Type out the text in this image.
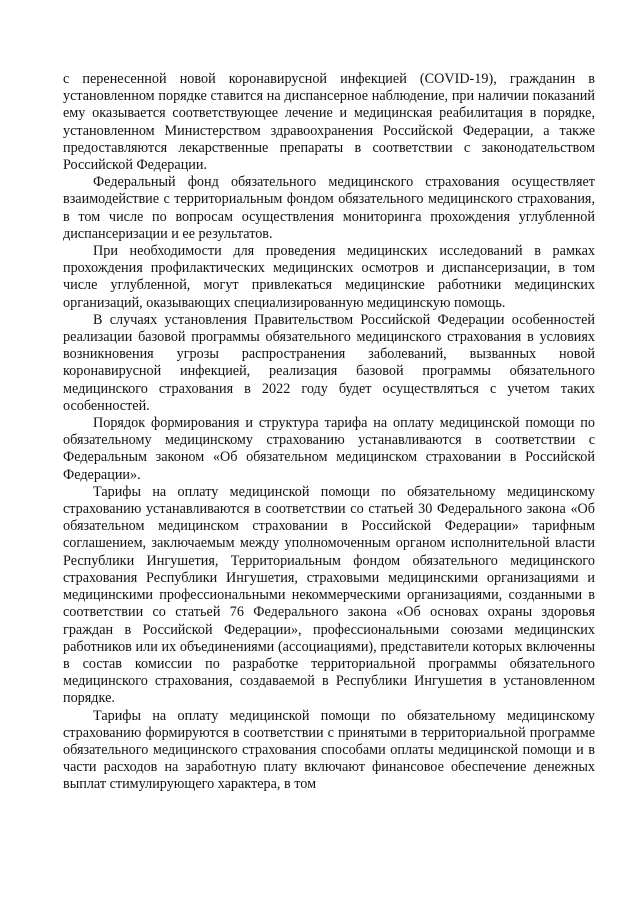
с перенесенной новой коронавирусной инфекцией (COVID-19), гражданин в установленном порядке ставится на диспансерное наблюдение, при наличии показаний ему оказывается соответствующее лечение и медицинская реабилитация в порядке, установленном Министерством здравоохранения Российской Федерации, а также предоставляются лекарственные препараты в соответствии с законодательством Российской Федерации.

Федеральный фонд обязательного медицинского страхования осуществляет взаимодействие с территориальным фондом обязательного медицинского страхования, в том числе по вопросам осуществления мониторинга прохождения углубленной диспансеризации и ее результатов.

При необходимости для проведения медицинских исследований в рамках прохождения профилактических медицинских осмотров и диспансеризации, в том числе углубленной, могут привлекаться медицинские работники медицинских организаций, оказывающих специализированную медицинскую помощь.

В случаях установления Правительством Российской Федерации особенностей реализации базовой программы обязательного медицинского страхования в условиях возникновения угрозы распространения заболеваний, вызванных новой коронавирусной инфекцией, реализация базовой программы обязательного медицинского страхования в 2022 году будет осуществляться с учетом таких особенностей.

Порядок формирования и структура тарифа на оплату медицинской помощи по обязательному медицинскому страхованию устанавливаются в соответствии с Федеральным законом «Об обязательном медицинском страховании в Российской Федерации».

Тарифы на оплату медицинской помощи по обязательному медицинскому страхованию устанавливаются в соответствии со статьей 30 Федерального закона «Об обязательном медицинском страховании в Российской Федерации» тарифным соглашением, заключаемым между уполномоченным органом исполнительной власти Республики Ингушетия, Территориальным фондом обязательного медицинского страхования Республики Ингушетия, страховыми медицинскими организациями и медицинскими профессиональными некоммерческими организациями, созданными в соответствии со статьей 76 Федерального закона «Об основах охраны здоровья граждан в Российской Федерации», профессиональными союзами медицинских работников или их объединениями (ассоциациями), представители которых включенны в состав комиссии по разработке территориальной программы обязательного медицинского страхования, создаваемой в Республики Ингушетия в установленном порядке.

Тарифы на оплату медицинской помощи по обязательному медицинскому страхованию формируются в соответствии с принятыми в территориальной программе обязательного медицинского страхования способами оплаты медицинской помощи и в части расходов на заработную плату включают финансовое обеспечение денежных выплат стимулирующего характера, в том
